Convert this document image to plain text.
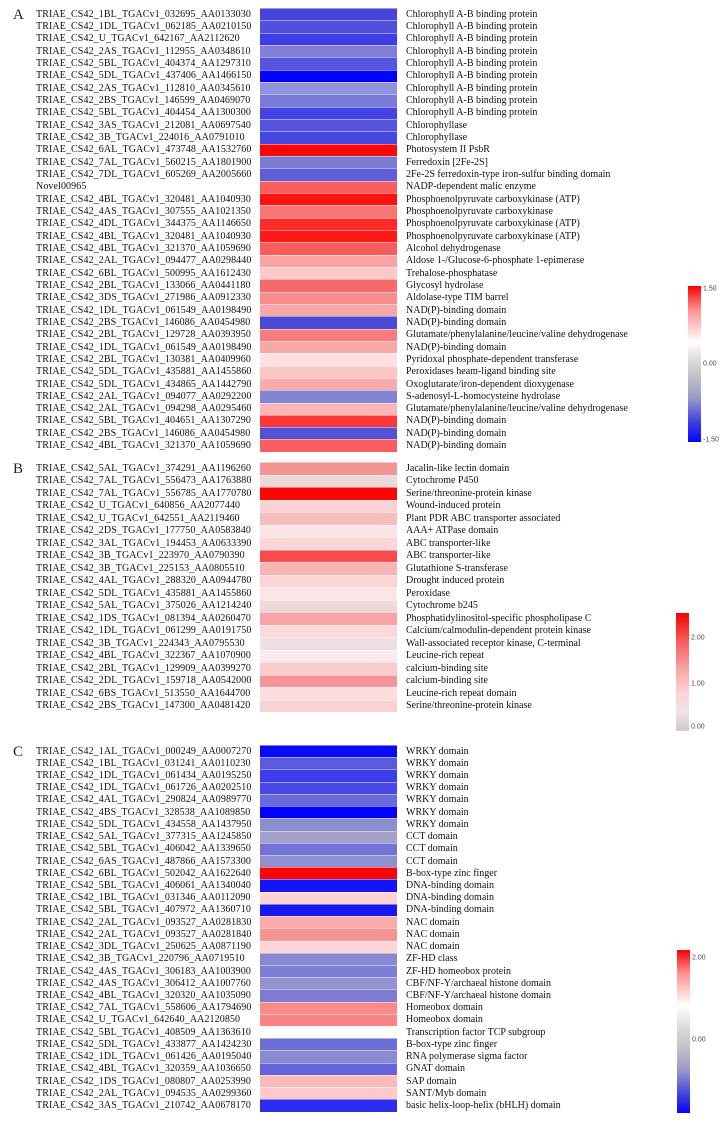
A TRIAE_CS42_1BL_TGACv1_032695_AA0133030	Chlorophyll A-B binding protein
TRIAE_CS42_1DL_TGACv1_062185_AA0210150	Chlorophyll A-B binding protein
TRIAE_CS42_U_TGACv1_642167_AA2112620	Chlorophyll A-B binding protein
TRIAE_CS42_2AS_TGACv1_112955_AA0348610	Chlorophyll A-B binding protein
TRIAE_CS42_5BL_TGACv1_404374_AA1297310	Chlorophyll A-B binding protein
TRIAE_CS42_5DL_TGACv1_437406_AA1466150	Chlorophyll A-B binding protein
TRIAE_CS42_2AS_TGACv1_112810_AA0345610	Chlorophyll A-B binding protein
TRIAE_CS42_2BS_TGACv1_146599_AA0469070	Chlorophyll A-B binding protein
TRIAE_CS42_5BL_TGACv1_404454_AA1300300	Chlorophyll A-B binding protein
TRIAE_CS42_3AS_TGACv1_212081_AA0697540	Chlorophyllase
TRIAE_CS42_3B_TGACv1_224016_AA0791010	Chlorophyllase
TRIAE_CS42_6AL_TGACv1_473748_AA1532760	Photosystem II PsbR
TRIAE_CS42_7AL_TGACv1_560215_AA1801900	Ferredoxin [2Fe-2S]
TRIAE_CS42_7DL_TGACv1_605269_AA2005660	2Fe-2S ferredoxin-type iron-sulfur binding domain
Novel00965	NADP-dependent malic enzyme
TRIAE_CS42_4BL_TGACv1_320481_AA1040930	Phosphoenolpyruvate carboxykinase (ATP)
TRIAE_CS42_4AS_TGACv1_307555_AA1021350	Phosphoenolpyruvate carboxykinase
TRIAE_CS42_4DL_TGACv1_344375_AA1146650	Phosphoenolpyruvate carboxykinase (ATP)
TRIAE_CS42_4BL_TGACv1_320481_AA1040930	Phosphoenolpyruvate carboxykinase (ATP)
TRIAE_CS42_4BL_TGACv1_321370_AA1059690	Alcohol dehydrogenase
TRIAE_CS42_2AL_TGACv1_094477_AA0298440	Aldose 1-/Glucose-6-phosphate 1-epimerase
TRIAE_CS42_6BL_TGACv1_500995_AA1612430	Trehalose-phosphatase
TRIAE_CS42_2BL_TGACv1_133066_AA0441180	Glycosyl hydrolase
TRIAE_CS42_3DS_TGACv1_271986_AA0912330	Aldolase-type TIM barrel
TRIAE_CS42_1DL_TGACv1_061549_AA0198490	NAD(P)-binding domain
TRIAE_CS42_2BS_TGACv1_146086_AA0454980	NAD(P)-binding domain
TRIAE_CS42_2BL_TGACv1_129728_AA0393950	Glutamate/phenylalanine/leucine/valine dehydrogenase
TRIAE_CS42_1DL_TGACv1_061549_AA0198490	NAD(P)-binding domain
TRIAE_CS42_2BL_TGACv1_130381_AA0409960	Pyridoxal phosphate-dependent transferase
TRIAE_CS42_5DL_TGACv1_435881_AA1455860	Peroxidases heam-ligand binding site
TRIAE_CS42_5DL_TGACv1_434865_AA1442790	Oxoglutarate/iron-dependent dioxygenase
TRIAE_CS42_2AL_TGACv1_094077_AA0292200	S-adenosyl-L-homocysteine hydrolase
TRIAE_CS42_2AL_TGACv1_094298_AA0295460	Glutamate/phenylalanine/leucine/valine dehydrogenase
TRIAE_CS42_5BL_TGACv1_404651_AA1307290	NAD(P)-binding domain
TRIAE_CS42_2BS_TGACv1_146086_AA0454980	NAD(P)-binding domain
TRIAE_CS42_4BL_TGACv1_321370_AA1059690	NAD(P)-binding domain
B TRIAE_CS42_5AL_TGACv1_374291_AA1196260	Jacalin-like lectin domain
TRIAE_CS42_7AL_TGACv1_556473_AA1763880	Cytochrome P450
TRIAE_CS42_7AL_TGACv1_556785_AA1770780	Serine/threonine-protein kinase
TRIAE_CS42_U_TGACv1_640856_AA2077440	Wound-induced protein
TRIAE_CS42_U_TGACv1_642551_AA2119460	Plant PDR ABC transporter associated
TRIAE_CS42_2DS_TGACv1_177750_AA0583840	AAA+ ATPase domain
TRIAE_CS42_3AL_TGACv1_194453_AA0633390	ABC transporter-like
TRIAE_CS42_3B_TGACv1_223970_AA0790390	ABC transporter-like
TRIAE_CS42_3B_TGACv1_225153_AA0805510	Glutathione S-transferase
TRIAE_CS42_4AL_TGACv1_288320_AA0944780	Drought induced protein
TRIAE_CS42_5DL_TGACv1_435881_AA1455860	Peroxidase
TRIAE_CS42_5AL_TGACv1_375026_AA1214240	Cytochrome b245
TRIAE_CS42_1DS_TGACv1_081394_AA0260470	Phosphatidylinositol-specific phospholipase C
TRIAE_CS42_1DL_TGACv1_061299_AA0191750	Calcium/calmodulin-dependent protein kinase
TRIAE_CS42_3B_TGACv1_224343_AA0795530	Wall-associated receptor kinase, C-terminal
TRIAE_CS42_4BL_TGACv1_322367_AA1070900	Leucine-rich repeat
TRIAE_CS42_2BL_TGACv1_129909_AA0399270	calcium-binding site
TRIAE_CS42_2DL_TGACv1_159718_AA0542000	calcium-binding site
TRIAE_CS42_6BS_TGACv1_513550_AA1644700	Leucine-rich repeat domain
TRIAE_CS42_2BS_TGACv1_147300_AA0481420	Serine/threonine-protein kinase
C TRIAE_CS42_1AL_TGACv1_000249_AA0007270	WRKY domain
TRIAE_CS42_1BL_TGACv1_031241_AA0110230	WRKY domain
TRIAE_CS42_1DL_TGACv1_061434_AA0195250	WRKY domain
TRIAE_CS42_1DL_TGACv1_061726_AA0202510	WRKY domain
TRIAE_CS42_4AL_TGACv1_290824_AA0989770	WRKY domain
TRIAE_CS42_4BS_TGACv1_328538_AA1089850	WRKY domain
TRIAE_CS42_5DL_TGACv1_434558_AA1437950	WRKY domain
TRIAE_CS42_5AL_TGACv1_377315_AA1245850	CCT domain
TRIAE_CS42_5BL_TGACv1_406042_AA1339650	CCT domain
TRIAE_CS42_6AS_TGACv1_487866_AA1573300	CCT domain
TRIAE_CS42_6BL_TGACv1_502042_AA1622640	B-box-type zinc finger
TRIAE_CS42_5BL_TGACv1_406061_AA1340040	DNA-binding domain
TRIAE_CS42_1BL_TGACv1_031346_AA0112090	DNA-binding domain
TRIAE_CS42_5BL_TGACv1_407972_AA1360710	DNA-binding domain
TRIAE_CS42_2AL_TGACv1_093527_AA0281830	NAC domain
TRIAE_CS42_2AL_TGACv1_093527_AA0281840	NAC domain
TRIAE_CS42_3DL_TGACv1_250625_AA0871190	NAC domain
TRIAE_CS42_3B_TGACv1_220796_AA0719510	ZF-HD class
TRIAE_CS42_4AS_TGACv1_306183_AA1003900	ZF-HD homeobox protein
TRIAE_CS42_4AS_TGACv1_306412_AA1007760	CBF/NF-Y/archaeal histone domain
TRIAE_CS42_4BL_TGACv1_320320_AA1035090	CBF/NF-Y/archaeal histone domain
TRIAE_CS42_7AL_TGACv1_558606_AA1794690	Homeobox domain
TRIAE_CS42_U_TGACv1_642640_AA2120850	Homeobox domain
TRIAE_CS42_5BL_TGACv1_408509_AA1363610	Transcription factor TCP subgroup
TRIAE_CS42_5DL_TGACv1_433877_AA1424230	B-box-type zinc finger
TRIAE_CS42_1DL_TGACv1_061426_AA0195040	RNA polymerase sigma factor
TRIAE_CS42_4BL_TGACv1_320359_AA1036650	GNAT domain
TRIAE_CS42_1DS_TGACv1_080807_AA0253990	SAP domain
TRIAE_CS42_2AL_TGACv1_094535_AA0299360	SANT/Myb domain
TRIAE_CS42_3AS_TGACv1_210742_AA0678170	basic helix-loop-helix (bHLH) domain
1.50
0.00
-1.50
2.00
1.00
0.00
2.00
0.00
